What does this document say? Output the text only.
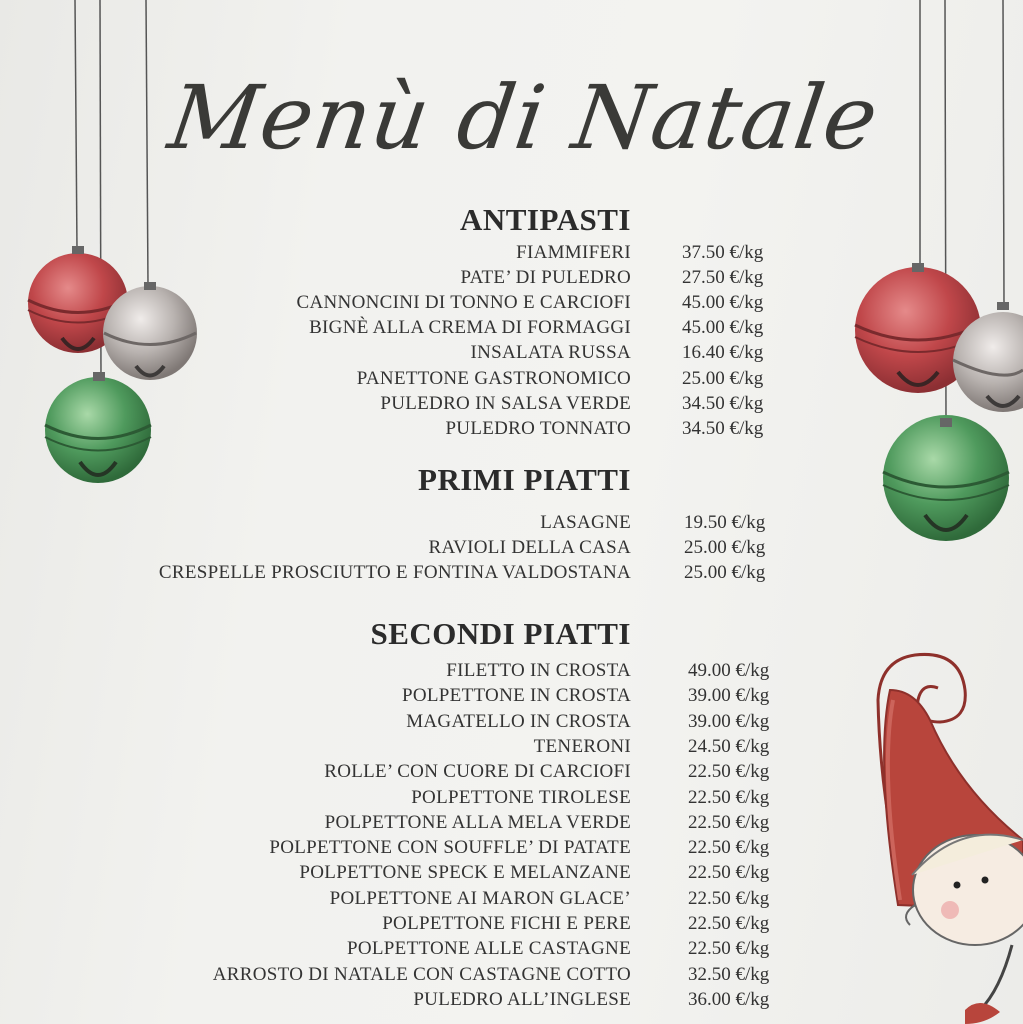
Menù di Natale
ANTIPASTI
FIAMMIFERI	37.50 €/kg
PATE’ DI PULEDRO	27.50 €/kg
CANNONCINI DI TONNO E CARCIOFI	45.00 €/kg
BIGNÈ ALLA CREMA DI FORMAGGI	45.00 €/kg
INSALATA RUSSA	16.40 €/kg
PANETTONE GASTRONOMICO	25.00 €/kg
PULEDRO IN SALSA VERDE	34.50 €/kg
PULEDRO TONNATO	34.50 €/kg
PRIMI PIATTI
LASAGNE	19.50 €/kg
RAVIOLI DELLA CASA	25.00 €/kg
CRESPELLE PROSCIUTTO E FONTINA VALDOSTANA	25.00 €/kg
SECONDI PIATTI
FILETTO IN CROSTA	49.00 €/kg
POLPETTONE IN CROSTA	39.00 €/kg
MAGATELLO IN CROSTA	39.00 €/kg
TENERONI	24.50 €/kg
ROLLE’ CON CUORE DI CARCIOFI	22.50 €/kg
POLPETTONE TIROLESE	22.50 €/kg
POLPETTONE ALLA MELA VERDE	22.50 €/kg
POLPETTONE CON SOUFFLE’ DI PATATE	22.50 €/kg
POLPETTONE SPECK E MELANZANE	22.50 €/kg
POLPETTONE AI MARON GLACE’	22.50 €/kg
POLPETTONE FICHI E PERE	22.50 €/kg
POLPETTONE ALLE CASTAGNE	22.50 €/kg
ARROSTO DI NATALE CON CASTAGNE COTTO	32.50 €/kg
PULEDRO ALL’INGLESE	36.00 €/kg
